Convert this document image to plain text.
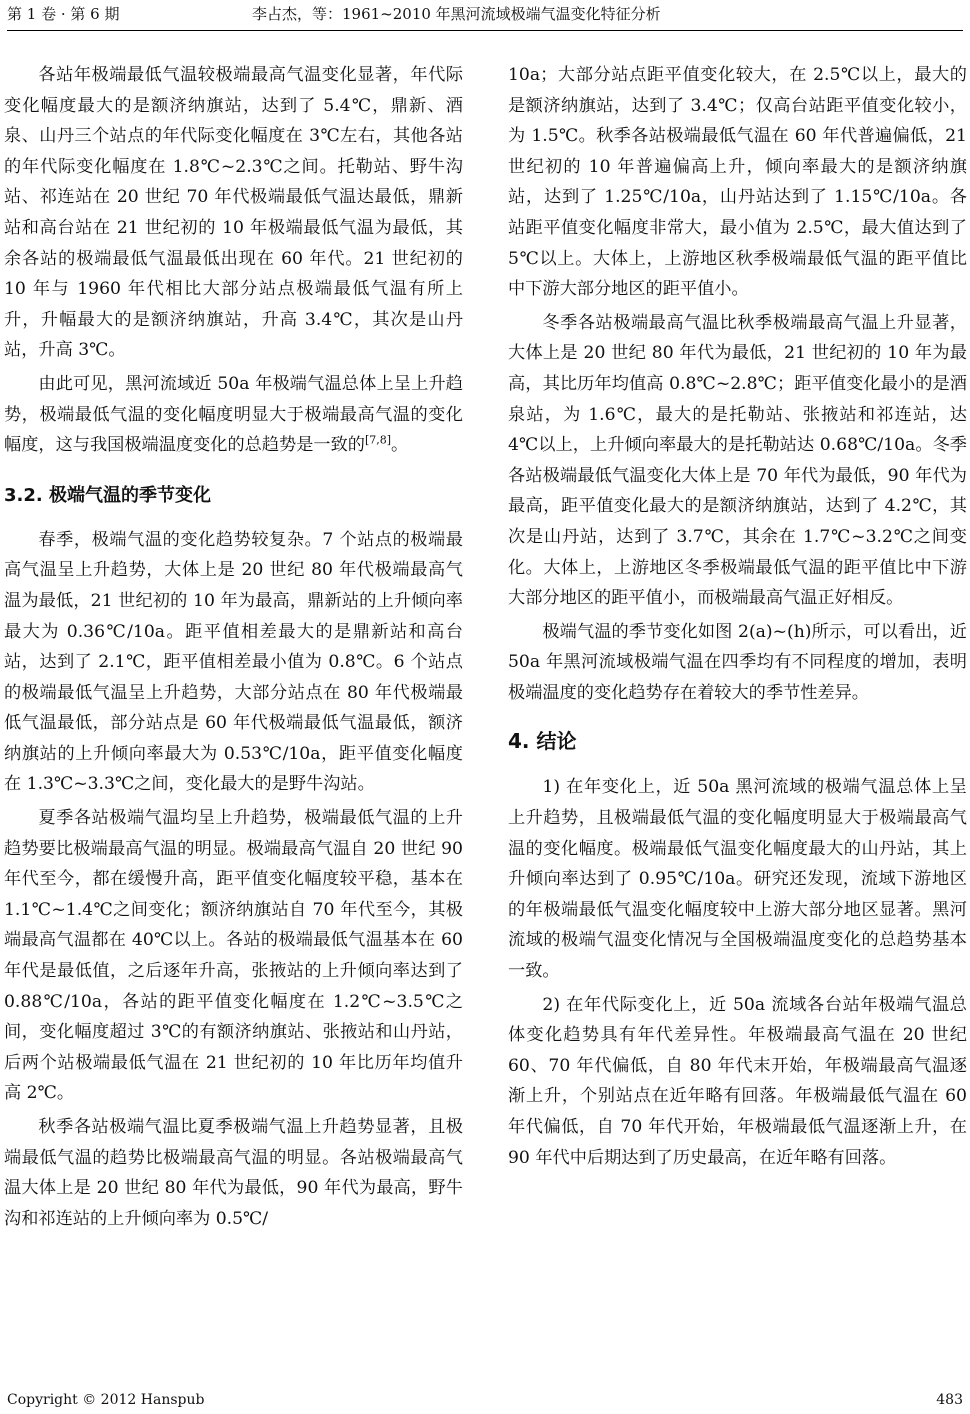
第 1 卷 · 第 6 期	李占杰，等：1961~2010 年黑河流域极端气温变化特征分析

各站年极端最低气温较极端最高气温变化显著，年代际变化幅度最大的是额济纳旗站，达到了 5.4℃，鼎新、酒泉、山丹三个站点的年代际变化幅度在 3℃左右，其他各站的年代际变化幅度在 1.8℃~2.3℃之间。托勒站、野牛沟站、祁连站在 20 世纪 70 年代极端最低气温达最低，鼎新站和高台站在 21 世纪初的 10 年极端最低气温为最低，其余各站的极端最低气温最低出现在 60 年代。21 世纪初的 10 年与 1960 年代相比大部分站点极端最低气温有所上升，升幅最大的是额济纳旗站，升高 3.4℃，其次是山丹站，升高 3℃。

由此可见，黑河流域近 50a 年极端气温总体上呈上升趋势，极端最低气温的变化幅度明显大于极端最高气温的变化幅度，这与我国极端温度变化的总趋势是一致的[7,8]。

3.2. 极端气温的季节变化

春季，极端气温的变化趋势较复杂。7 个站点的极端最高气温呈上升趋势，大体上是 20 世纪 80 年代极端最高气温为最低，21 世纪初的 10 年为最高，鼎新站的上升倾向率最大为 0.36℃/10a。距平值相差最大的是鼎新站和高台站，达到了 2.1℃，距平值相差最小值为 0.8℃。6 个站点的极端最低气温呈上升趋势，大部分站点在 80 年代极端最低气温最低，部分站点是 60 年代极端最低气温最低，额济纳旗站的上升倾向率最大为 0.53℃/10a，距平值变化幅度在 1.3℃~3.3℃之间，变化最大的是野牛沟站。

夏季各站极端气温均呈上升趋势，极端最低气温的上升趋势要比极端最高气温的明显。极端最高气温自 20 世纪 90 年代至今，都在缓慢升高，距平值变化幅度较平稳，基本在 1.1℃~1.4℃之间变化；额济纳旗站自 70 年代至今，其极端最高气温都在 40℃以上。各站的极端最低气温基本在 60 年代是最低值，之后逐年升高，张掖站的上升倾向率达到了 0.88℃/10a，各站的距平值变化幅度在 1.2℃~3.5℃之间，变化幅度超过 3℃的有额济纳旗站、张掖站和山丹站，后两个站极端最低气温在 21 世纪初的 10 年比历年均值升高 2℃。

秋季各站极端气温比夏季极端气温上升趋势显著，且极端最低气温的趋势比极端最高气温的明显。各站极端最高气温大体上是 20 世纪 80 年代为最低，90 年代为最高，野牛沟和祁连站的上升倾向率为 0.5℃/

10a；大部分站点距平值变化较大，在 2.5℃以上，最大的是额济纳旗站，达到了 3.4℃；仅高台站距平值变化较小，为 1.5℃。秋季各站极端最低气温在 60 年代普遍偏低，21 世纪初的 10 年普遍偏高上升，倾向率最大的是额济纳旗站，达到了 1.25℃/10a，山丹站达到了 1.15℃/10a。各站距平值变化幅度非常大，最小值为 2.5℃，最大值达到了 5℃以上。大体上，上游地区秋季极端最低气温的距平值比中下游大部分地区的距平值小。

冬季各站极端最高气温比秋季极端最高气温上升显著，大体上是 20 世纪 80 年代为最低，21 世纪初的 10 年为最高，其比历年均值高 0.8℃~2.8℃；距平值变化最小的是酒泉站，为 1.6℃，最大的是托勒站、张掖站和祁连站，达 4℃以上，上升倾向率最大的是托勒站达 0.68℃/10a。冬季各站极端最低气温变化大体上是 70 年代为最低，90 年代为最高，距平值变化最大的是额济纳旗站，达到了 4.2℃，其次是山丹站，达到了 3.7℃，其余在 1.7℃~3.2℃之间变化。大体上，上游地区冬季极端最低气温的距平值比中下游大部分地区的距平值小，而极端最高气温正好相反。

极端气温的季节变化如图 2(a)~(h)所示，可以看出，近 50a 年黑河流域极端气温在四季均有不同程度的增加，表明极端温度的变化趋势存在着较大的季节性差异。

4. 结论

1) 在年变化上，近 50a 黑河流域的极端气温总体上呈上升趋势，且极端最低气温的变化幅度明显大于极端最高气温的变化幅度。极端最低气温变化幅度最大的山丹站，其上升倾向率达到了 0.95℃/10a。研究还发现，流域下游地区的年极端最低气温变化幅度较中上游大部分地区显著。黑河流域的极端气温变化情况与全国极端温度变化的总趋势基本一致。

2) 在年代际变化上，近 50a 流域各台站年极端气温总体变化趋势具有年代差异性。年极端最高气温在 20 世纪 60、70 年代偏低，自 80 年代末开始，年极端最高气温逐渐上升，个别站点在近年略有回落。年极端最低气温在 60 年代偏低，自 70 年代开始，年极端最低气温逐渐上升，在 90 年代中后期达到了历史最高，在近年略有回落。

Copyright © 2012 Hanspub	483
